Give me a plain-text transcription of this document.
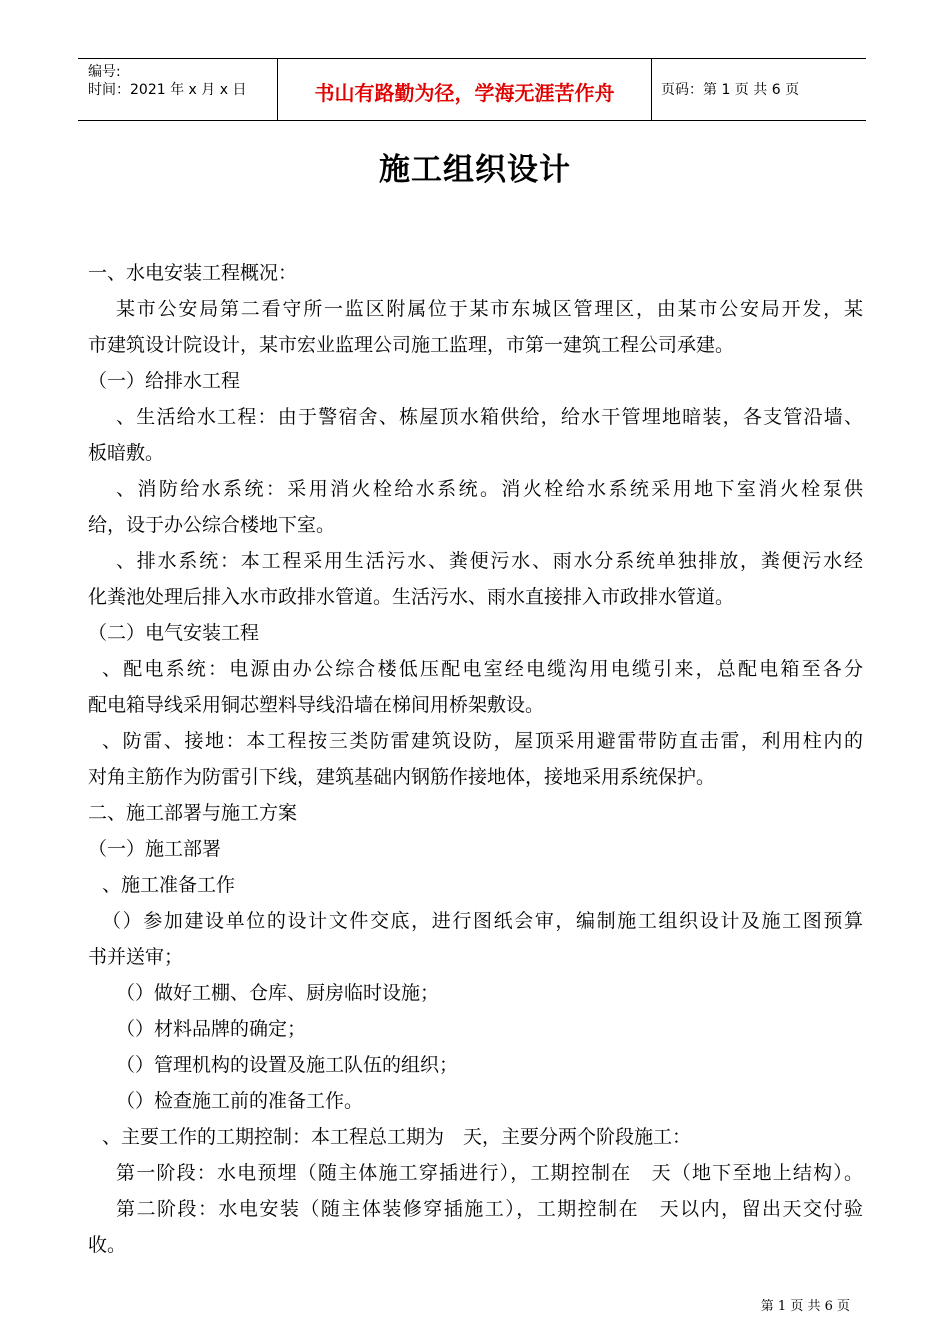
编号:
时间：2021 年 x 月 x 日	书山有路勤为径，学海无涯苦作舟	页码：第 1 页 共 6 页
施工组织设计
一、水电安装工程概况：
某市公安局第二看守所一监区附属位于某市东城区管理区，由某市公安局开发，某
市建筑设计院设计，某市宏业监理公司施工监理，市第一建筑工程公司承建。
（一）给排水工程
、生活给水工程：由于警宿舍、栋屋顶水箱供给，给水干管埋地暗装，各支管沿墙、
板暗敷。
、消防给水系统：采用消火栓给水系统。消火栓给水系统采用地下室消火栓泵供
给，设于办公综合楼地下室。
、排水系统：本工程采用生活污水、粪便污水、雨水分系统单独排放，粪便污水经
化粪池处理后排入水市政排水管道。生活污水、雨水直接排入市政排水管道。
（二）电气安装工程
、配电系统：电源由办公综合楼低压配电室经电缆沟用电缆引来，总配电箱至各分
配电箱导线采用铜芯塑料导线沿墙在梯间用桥架敷设。
、防雷、接地：本工程按三类防雷建筑设防，屋顶采用避雷带防直击雷，利用柱内的
对角主筋作为防雷引下线，建筑基础内钢筋作接地体，接地采用系统保护。
二、施工部署与施工方案
（一）施工部署
、施工准备工作
（）参加建设单位的设计文件交底，进行图纸会审，编制施工组织设计及施工图预算
书并送审；
（）做好工棚、仓库、厨房临时设施；
（）材料品牌的确定；
（）管理机构的设置及施工队伍的组织；
（）检查施工前的准备工作。
、主要工作的工期控制：本工程总工期为　天，主要分两个阶段施工：
第一阶段：水电预埋（随主体施工穿插进行），工期控制在　天（地下至地上结构）。
第二阶段：水电安装（随主体装修穿插施工），工期控制在　天以内，留出天交付验
收。
第 1 页 共 6 页
